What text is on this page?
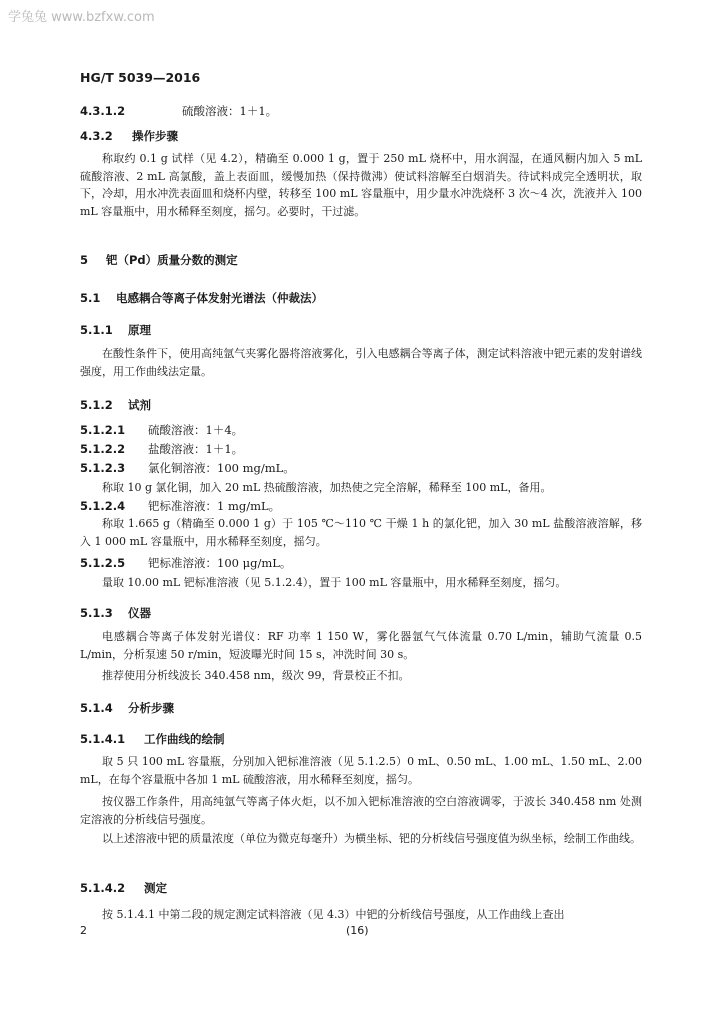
学兔兔 www.bzfxw.com
HG/T 5039—2016
4.3.1.2	硫酸溶液：1＋1。
4.3.2 操作步骤
称取约 0.1 g 试样（见 4.2），精确至 0.000 1 g，置于 250 mL 烧杯中，用水润湿，在通风橱内加入 5 mL 硫酸溶液、2 mL 高氯酸，盖上表面皿，缓慢加热（保持微沸）使试料溶解至白烟消失。待试料成完全透明状，取下，冷却，用水冲洗表面皿和烧杯内壁，转移至 100 mL 容量瓶中，用少量水冲洗烧杯 3 次～4 次，洗液并入 100 mL 容量瓶中，用水稀释至刻度，摇匀。必要时，干过滤。
5 钯（Pd）质量分数的测定
5.1 电感耦合等离子体发射光谱法（仲裁法）
5.1.1 原理
在酸性条件下，使用高纯氩气夹雾化器将溶液雾化，引入电感耦合等离子体，测定试料溶液中钯元素的发射谱线强度，用工作曲线法定量。
5.1.2 试剂
5.1.2.1 硫酸溶液：1＋4。
5.1.2.2 盐酸溶液：1＋1。
5.1.2.3 氯化铜溶液：100 mg/mL。
称取 10 g 氯化铜，加入 20 mL 热硫酸溶液，加热使之完全溶解，稀释至 100 mL，备用。
5.1.2.4 钯标准溶液：1 mg/mL。
称取 1.665 g（精确至 0.000 1 g）于 105 ℃～110 ℃ 干燥 1 h 的氯化钯，加入 30 mL 盐酸溶液溶解，移入 1 000 mL 容量瓶中，用水稀释至刻度，摇匀。
5.1.2.5 钯标准溶液：100 μg/mL。
量取 10.00 mL 钯标准溶液（见 5.1.2.4），置于 100 mL 容量瓶中，用水稀释至刻度，摇匀。
5.1.3 仪器
电感耦合等离子体发射光谱仪：RF 功率 1 150 W，雾化器氩气气体流量 0.70 L/min，辅助气流量 0.5 L/min，分析泵速 50 r/min，短波曝光时间 15 s，冲洗时间 30 s。
推荐使用分析线波长 340.458 nm，级次 99，背景校正不扣。
5.1.4 分析步骤
5.1.4.1 工作曲线的绘制
取 5 只 100 mL 容量瓶，分别加入钯标准溶液（见 5.1.2.5）0 mL、0.50 mL、1.00 mL、1.50 mL、2.00 mL，在每个容量瓶中各加 1 mL 硫酸溶液，用水稀释至刻度，摇匀。
按仪器工作条件，用高纯氩气等离子体火炬，以不加入钯标准溶液的空白溶液调零，于波长 340.458 nm 处测定溶液的分析线信号强度。
以上述溶液中钯的质量浓度（单位为微克每毫升）为横坐标、钯的分析线信号强度值为纵坐标，绘制工作曲线。
5.1.4.2 测定
按 5.1.4.1 中第二段的规定测定试料溶液（见 4.3）中钯的分析线信号强度，从工作曲线上查出
2	(16)
